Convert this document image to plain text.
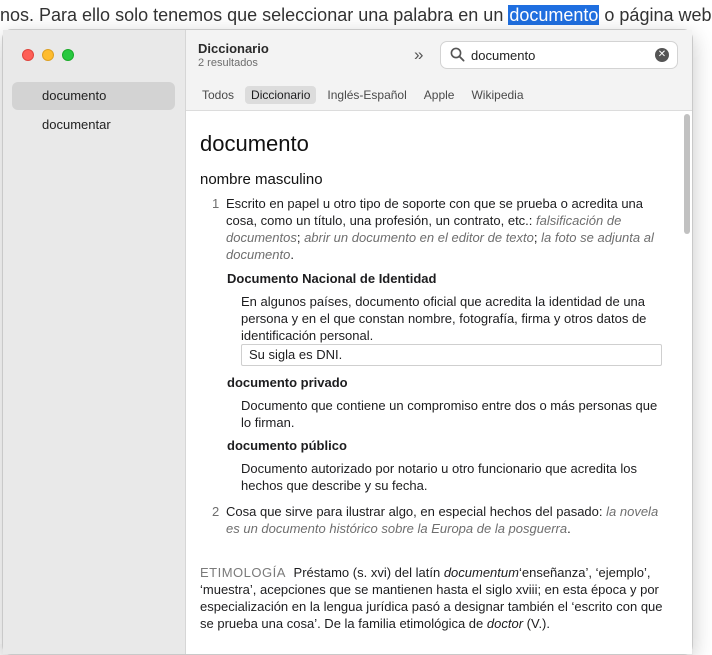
nos. Para ello solo tenemos que seleccionar una palabra en un documento o página web
documento
documentar
Diccionario
2 resultados	»	documento	✕
Todos	Diccionario	Inglés-Español	Apple	Wikipedia
documento
nombre masculino
1 Escrito en papel u otro tipo de soporte con que se prueba o acredita una cosa, como un título, una profesión, un contrato, etc.: falsificación de documentos; abrir un documento en el editor de texto; la foto se adjunta al documento.
Documento Nacional de Identidad
En algunos países, documento oficial que acredita la identidad de una persona y en el que constan nombre, fotografía, firma y otros datos de identificación personal.
Su sigla es DNI.
documento privado
Documento que contiene un compromiso entre dos o más personas que lo firman.
documento público
Documento autorizado por notario u otro funcionario que acredita los hechos que describe y su fecha.
2 Cosa que sirve para ilustrar algo, en especial hechos del pasado: la novela es un documento histórico sobre la Europa de la posguerra.
ETIMOLOGÍA Préstamo (s. xvi) del latín documentum‘enseñanza’, ‘ejemplo’, ‘muestra’, acepciones que se mantienen hasta el siglo xviii; en esta época y por especialización en la lengua jurídica pasó a designar también el ‘escrito con que se prueba una cosa’. De la familia etimológica de doctor (V.).
